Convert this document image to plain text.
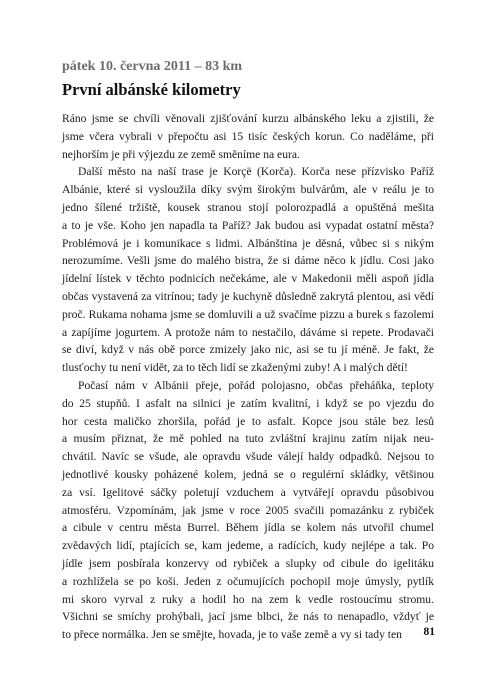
pátek 10. června 2011 – 83 km
První albánské kilometry
Ráno jsme se chvíli věnovali zjišťování kurzu albánského leku a zjistili, že
jsme včera vybrali v přepočtu asi 15 tisíc českých korun. Co naděláme, při
nejhorším je při výjezdu ze země směníme na eura.
Další město na naší trase je Korçë (Korča). Korča nese přízvisko Paříž
Albánie, které si vysloužila díky svým širokým bulvárům, ale v reálu je to
jedno šílené tržiště, kousek stranou stojí polorozpadlá a opuštěná mešita
a to je vše. Koho jen napadla ta Paříž? Jak budou asi vypadat ostatní města?
Problémová je i komunikace s lidmi. Albánština je děsná, vůbec si s nikým
nerozumíme. Vešli jsme do malého bistra, že si dáme něco k jídlu. Cosi jako
jídelní lístek v těchto podnicích nečekáme, ale v Makedonii měli aspoň jídla
občas vystavená za vitrínou; tady je kuchyně důsledně zakrytá plentou, asi vědí
proč. Rukama nohama jsme se domluvili a už svačíme pizzu a burek s fazolemi
a zapíjíme jogurtem. A protože nám to nestačilo, dáváme si repete. Prodavači
se diví, když v nás obě porce zmizely jako nic, asi se tu jí méně. Je fakt, že
tlusťochy tu není vidět, za to těch lidí se zkaženými zuby! A i malých dětí!
Počasí nám v Albánii přeje, pořád polojasno, občas přeháňka, teploty
do 25 stupňů. I asfalt na silnici je zatím kvalitní, i když se po vjezdu do
hor cesta maličko zhoršila, pořád je to asfalt. Kopce jsou stále bez lesů
a musím přiznat, že mě pohled na tuto zvláštní krajinu zatím nijak neu-
chvátil. Navíc se všude, ale opravdu všude válejí haldy odpadků. Nejsou to
jednotlivé kousky poházené kolem, jedná se o regulérní skládky, většinou
za vsí. Igelitové sáčky poletují vzduchem a vytvářejí opravdu působivou
atmosféru. Vzpomínám, jak jsme v roce 2005 svačili pomazánku z rybiček
a cibule v centru města Burrel. Během jídla se kolem nás utvořil chumel
zvědavých lidí, ptajících se, kam jedeme, a radících, kudy nejlépe a tak. Po
jídle jsem posbírala konzervy od rybiček a slupky od cibule do igelitáku
a rozhlížela se po koši. Jeden z očumujících pochopil moje úmysly, pytlík
mi skoro vyrval z ruky a hodil ho na zem k vedle rostoucímu stromu.
Všichni se smíchy prohýbali, jací jsme blbci, že nás to nenapadlo, vždyť je
to přece normálka. Jen se smějte, hovada, je to vaše země a vy si tady ten	81
